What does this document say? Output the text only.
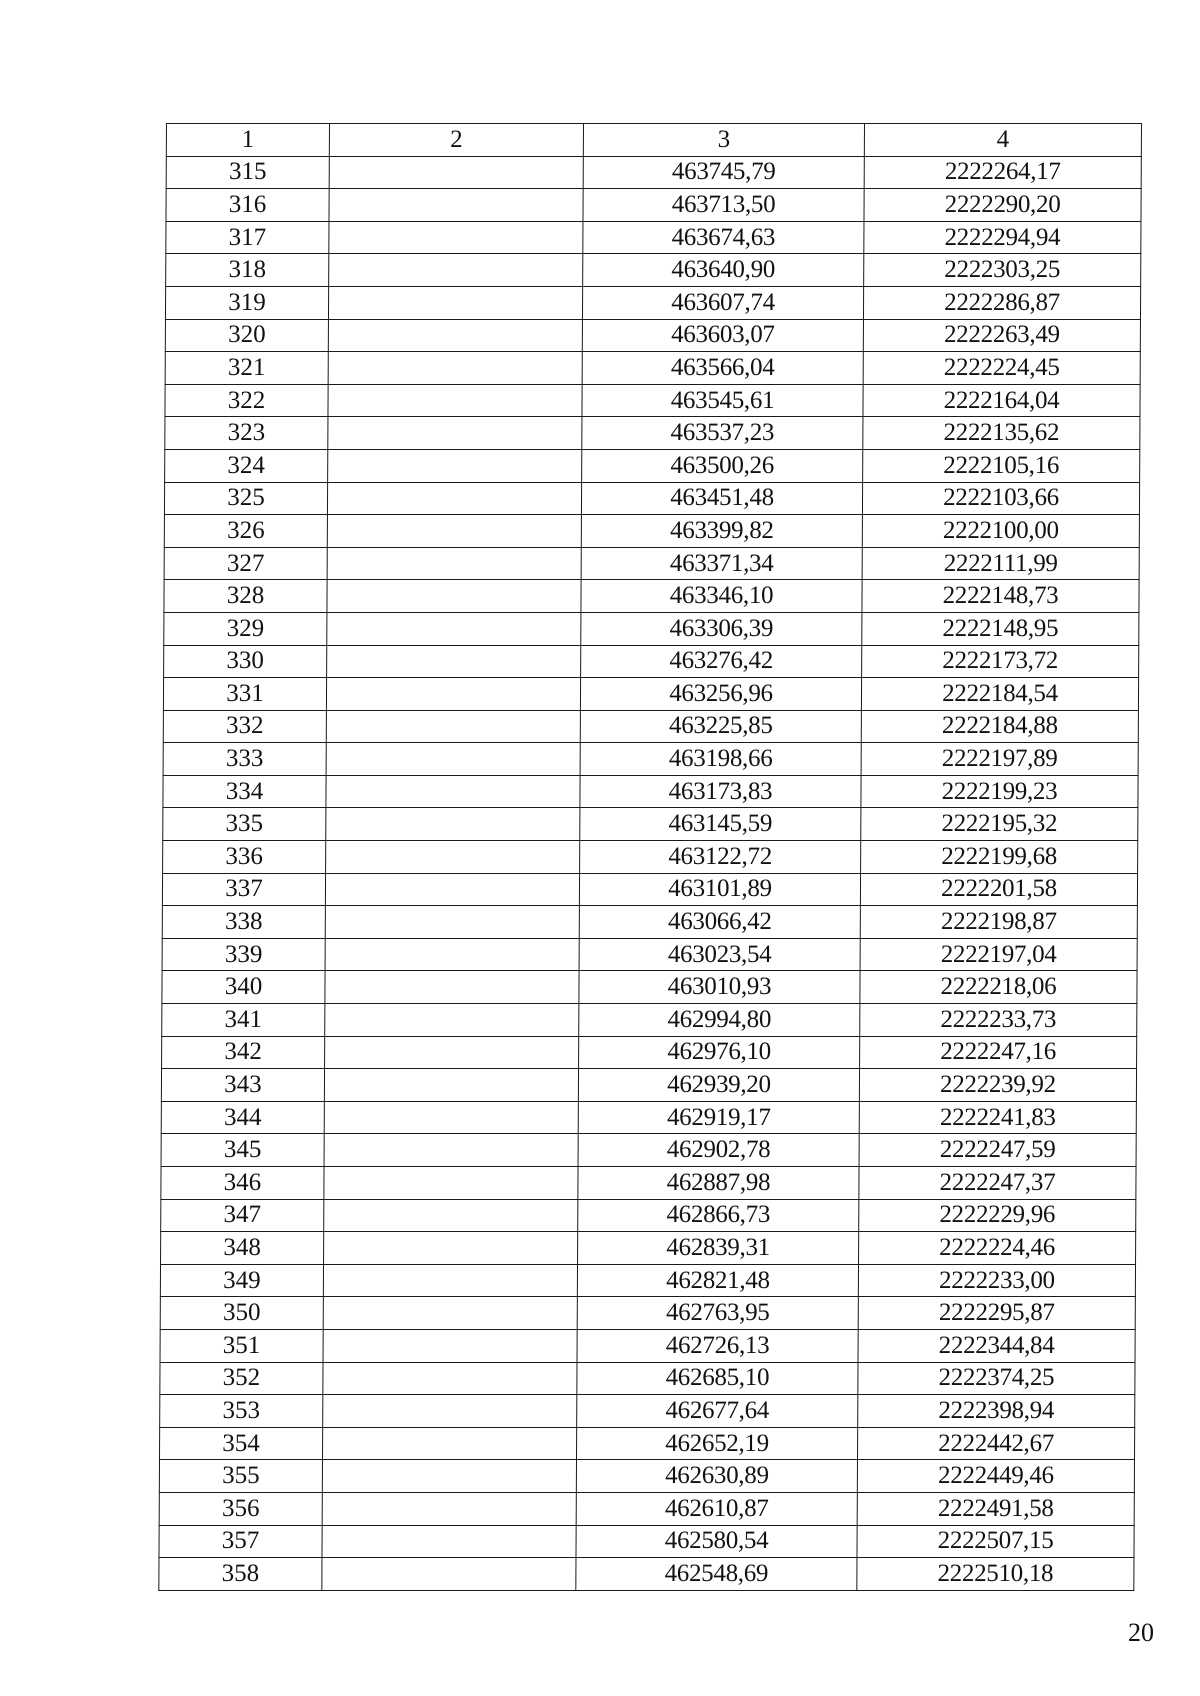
1	2	3	4
315		463745,79	2222264,17
316		463713,50	2222290,20
317		463674,63	2222294,94
318		463640,90	2222303,25
319		463607,74	2222286,87
320		463603,07	2222263,49
321		463566,04	2222224,45
322		463545,61	2222164,04
323		463537,23	2222135,62
324		463500,26	2222105,16
325		463451,48	2222103,66
326		463399,82	2222100,00
327		463371,34	2222111,99
328		463346,10	2222148,73
329		463306,39	2222148,95
330		463276,42	2222173,72
331		463256,96	2222184,54
332		463225,85	2222184,88
333		463198,66	2222197,89
334		463173,83	2222199,23
335		463145,59	2222195,32
336		463122,72	2222199,68
337		463101,89	2222201,58
338		463066,42	2222198,87
339		463023,54	2222197,04
340		463010,93	2222218,06
341		462994,80	2222233,73
342		462976,10	2222247,16
343		462939,20	2222239,92
344		462919,17	2222241,83
345		462902,78	2222247,59
346		462887,98	2222247,37
347		462866,73	2222229,96
348		462839,31	2222224,46
349		462821,48	2222233,00
350		462763,95	2222295,87
351		462726,13	2222344,84
352		462685,10	2222374,25
353		462677,64	2222398,94
354		462652,19	2222442,67
355		462630,89	2222449,46
356		462610,87	2222491,58
357		462580,54	2222507,15
358		462548,69	2222510,18
20
